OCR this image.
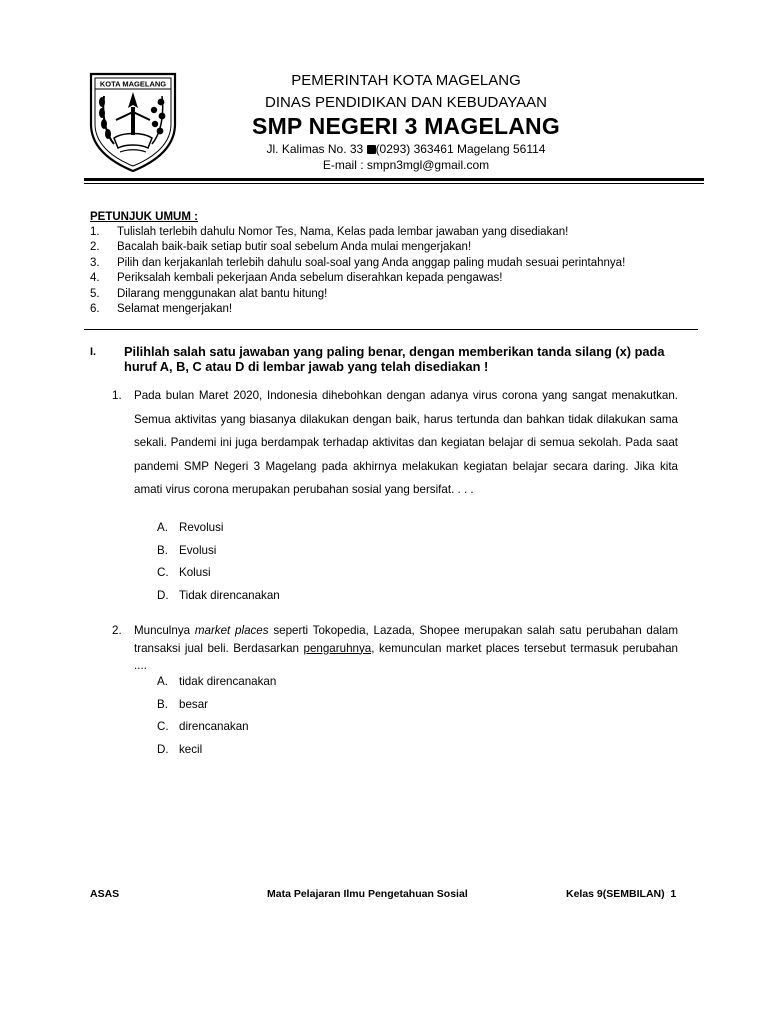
KOTA MAGELANG	PEMERINTAH KOTA MAGELANG
DINAS PENDIDIKAN DAN KEBUDAYAAN
SMP NEGERI 3 MAGELANG
Jl. Kalimas No. 33 (0293) 363461 Magelang 56114
E-mail : smpn3mgl@gmail.com
PETUNJUK UMUM :
1.	Tulislah terlebih dahulu Nomor Tes, Nama, Kelas pada lembar jawaban yang disediakan!
2.	Bacalah baik-baik setiap butir soal sebelum Anda mulai mengerjakan!
3.	Pilih dan kerjakanlah terlebih dahulu soal-soal yang Anda anggap paling mudah sesuai perintahnya!
4.	Periksalah kembali pekerjaan Anda sebelum diserahkan kepada pengawas!
5.	Dilarang menggunakan alat bantu hitung!
6.	Selamat mengerjakan!
I. Pilihlah salah satu jawaban yang paling benar, dengan memberikan tanda silang (x) pada huruf A, B, C atau D di lembar jawab yang telah disediakan !
1.	Pada bulan Maret 2020, Indonesia dihebohkan dengan adanya virus corona yang sangat menakutkan. Semua aktivitas yang biasanya dilakukan dengan baik, harus tertunda dan bahkan tidak dilakukan sama sekali. Pandemi ini juga berdampak terhadap aktivitas dan kegiatan belajar di semua sekolah. Pada saat pandemi SMP Negeri 3 Magelang pada akhirnya melakukan kegiatan belajar secara daring. Jika kita amati virus corona merupakan perubahan sosial yang bersifat. . . .
A. Revolusi
B. Evolusi
C. Kolusi
D. Tidak direncanakan
2.	Munculnya market places seperti Tokopedia, Lazada, Shopee merupakan salah satu perubahan dalam transaksi jual beli. Berdasarkan pengaruhnya, kemunculan market places tersebut termasuk perubahan ....
A. tidak direncanakan
B. besar
C. direncanakan
D. kecil
ASAS	Mata Pelajaran Ilmu Pengetahuan Sosial	Kelas 9(SEMBILAN)  1
